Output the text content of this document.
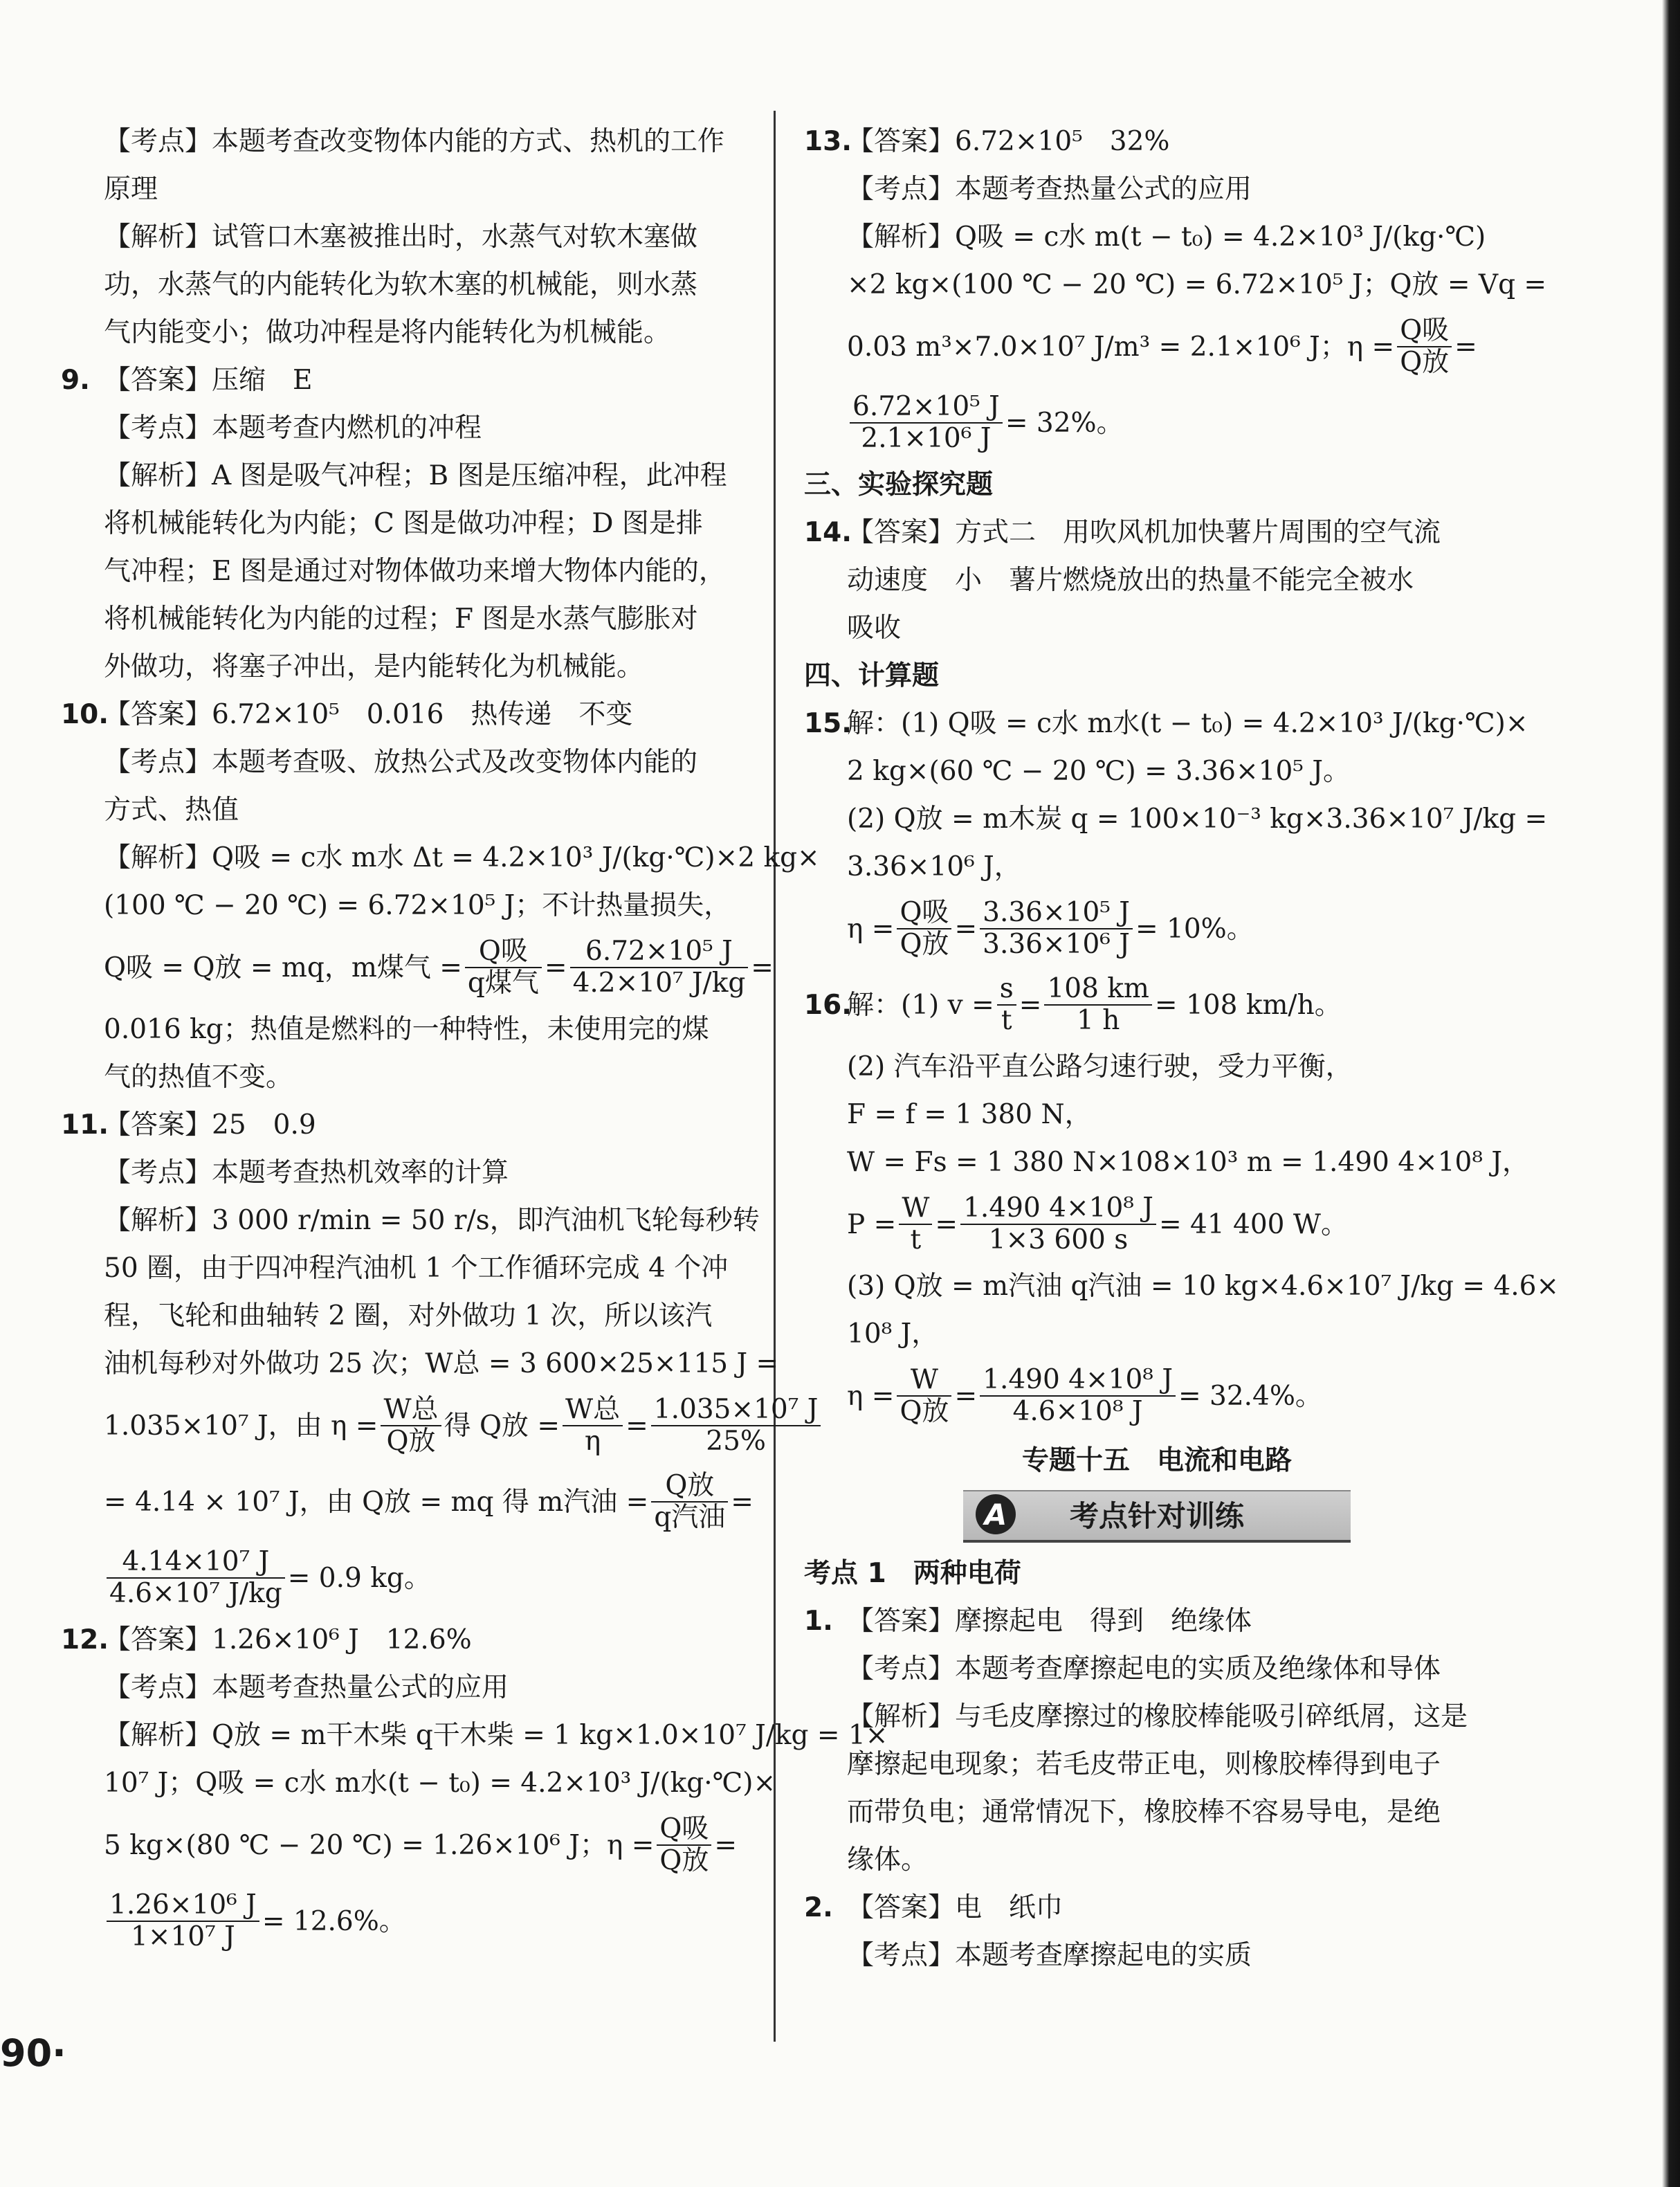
【考点】本题考查改变物体内能的方式、热机的工作
原理
【解析】试管口木塞被推出时，水蒸气对软木塞做
功，水蒸气的内能转化为软木塞的机械能，则水蒸
气内能变小；做功冲程是将内能转化为机械能。
9. 【答案】压缩　E
【考点】本题考查内燃机的冲程
【解析】A 图是吸气冲程；B 图是压缩冲程，此冲程
将机械能转化为内能；C 图是做功冲程；D 图是排
气冲程；E 图是通过对物体做功来增大物体内能的，
将机械能转化为内能的过程；F 图是水蒸气膨胀对
外做功，将塞子冲出，是内能转化为机械能。
10.【答案】6.72×10⁵　0.016　热传递　不变
【考点】本题考查吸、放热公式及改变物体内能的
方式、热值
【解析】Q吸 = c水 m水 Δt = 4.2×10³ J/(kg·℃)×2 kg×
(100 ℃ − 20 ℃) = 6.72×10⁵ J；不计热量损失，
Q吸 = Q放 = mq，m煤气 = $\frac{\text{Q吸}}{\text{q煤气}} = \frac{\text{6.72×10⁵ J}}{\text{4.2×10⁷ J/kg}}$ =
0.016 kg；热值是燃料的一种特性，未使用完的煤
气的热值不变。
11.【答案】25　0.9
【考点】本题考查热机效率的计算
【解析】3 000 r/min = 50 r/s，即汽油机飞轮每秒转
50 圈，由于四冲程汽油机 1 个工作循环完成 4 个冲
程，飞轮和曲轴转 2 圈，对外做功 1 次，所以该汽
油机每秒对外做功 25 次；W总 = 3 600×25×115 J =
1.035×10⁷ J，由 $\eta = \frac{\text{W总}}{\text{Q放}}$ 得 Q放 = $\frac{\text{W总}}{\eta} = \frac{\text{1.035×10⁷ J}}{25\%}$
= 4.14 × 10⁷ J，由 Q放 = mq 得 m汽油 = $\frac{\text{Q放}}{\text{q汽油}}$ =
$\frac{\text{4.14×10⁷ J}}{\text{4.6×10⁷ J/kg}} = 0.9$ kg。
12.【答案】1.26×10⁶ J　12.6%
【考点】本题考查热量公式的应用
【解析】Q放 = m干木柴 q干木柴 = 1 kg×1.0×10⁷ J/kg = 1×
10⁷ J；Q吸 = c水 m水(t − t₀) = 4.2×10³ J/(kg·℃)×
5 kg×(80 ℃ − 20 ℃) = 1.26×10⁶ J；$\eta = \frac{\text{Q吸}}{\text{Q放}}$ =
$\frac{\text{1.26×10⁶ J}}{\text{1×10⁷ J}} = 12.6\%$。
13.【答案】6.72×10⁵　32%
【考点】本题考查热量公式的应用
【解析】Q吸 = c水 m(t − t₀) = 4.2×10³ J/(kg·℃)
×2 kg×(100 ℃ − 20 ℃) = 6.72×10⁵ J；Q放 = Vq =
0.03 m³×7.0×10⁷ J/m³ = 2.1×10⁶ J；$\eta = \frac{\text{Q吸}}{\text{Q放}}$ =
$\frac{\text{6.72×10⁵ J}}{\text{2.1×10⁶ J}} = 32\%$。
三、实验探究题
14.【答案】方式二　用吹风机加快薯片周围的空气流
动速度　小　薯片燃烧放出的热量不能完全被水
吸收
四、计算题
15.解：(1) Q吸 = c水 m水(t − t₀) = 4.2×10³ J/(kg·℃)×
2 kg×(60 ℃ − 20 ℃) = 3.36×10⁵ J。
(2) Q放 = m木炭 q = 100×10⁻³ kg×3.36×10⁷ J/kg =
3.36×10⁶ J，
$\eta = \frac{\text{Q吸}}{\text{Q放}} = \frac{\text{3.36×10⁵ J}}{\text{3.36×10⁶ J}} = 10\%$。
16.
解：(1) $v = \frac{s}{t} = \frac{108 km}{1 h} = 108$ km/h。
(2) 汽车沿平直公路匀速行驶，受力平衡，
F = f = 1 380 N，
W = Fs = 1 380 N×108×10³ m = 1.490 4×10⁸ J，
$P = \frac{W}{t} = \frac{\text{1.490 4×10⁸ J}}{1\times 3 600 s} = 41$ 400 W。
(3) Q放 = m汽油 q汽油 = 10 kg×4.6×10⁷ J/kg = 4.6×
10⁸ J，
$\eta = \frac{W}{\text{Q放}} = \frac{\text{1.490 4×10⁸ J}}{\text{4.6×10⁸ J}} = 32.4\%$。
专题十五　电流和电路
A	考点针对训练
考点 1　两种电荷
1. 【答案】摩擦起电　得到　绝缘体
【考点】本题考查摩擦起电的实质及绝缘体和导体
【解析】与毛皮摩擦过的橡胶棒能吸引碎纸屑，这是
摩擦起电现象；若毛皮带正电，则橡胶棒得到电子
而带负电；通常情况下，橡胶棒不容易导电，是绝
缘体。
2. 【答案】电　纸巾
【考点】本题考查摩擦起电的实质
90·
